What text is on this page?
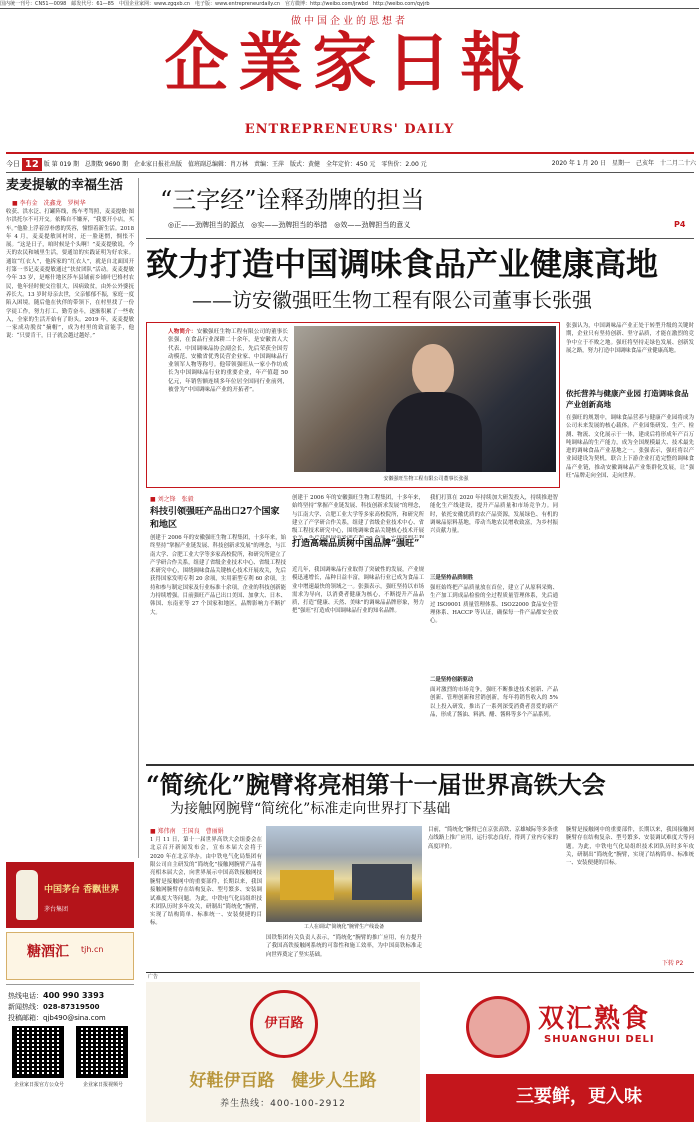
国内统一刊号：CN51—0098　邮发代号：61—85　中国企业家网：www.zgqxb.cn　电子版：www.entrepreneurdaily.cn　官方微博：http://weibo.com/jrwbd　http://weibo.com/qyjrb
做中国企业的思想者
企業家日報
ENTREPRENEURS' DAILY
今日 12 版 第 019 期　总期数 9690 期　企业家日报社出版　值班副总编辑：肖万林　责编：王萍　版式：黄健　全年定价：450 元　零售价：2.00 元	2020 年 1 月 20 日　星期一　己亥年　十二月二十六
麦麦提敏的幸福生活
■ 李有金　冼鑫龙　罗树华
收获、洪水泛、打罐阵线，炼车考驾照，麦麦提敏·图尔洪托尔不可开交。依稀自不嫌弃，“我要开小店，买车。”他脸上浮着淳朴憨的笑容，憧憬着新生活。2018 年 4 月，麦麦提敏回村时，还一脸迷惘，惆怅不展。“这是日子，咱时候是个头啊！”麦麦提敏说，今天的农民和城里生活，要通谊的实践证明为好农家。通谊“红衣人”，他拆家的“红衣人”，就是自北面国开打第一书记麦麦提敏通过“扶贫团队”活动。麦麦提敏今年 33 岁，是喀什地区莎车县铺前乡铺叶巴格村农民，他年轻时便交往很大，因病致贫，由外公外婆抚养长大。13 岁时母亲去世，父亲郁郁不振，家庭一度陷入困境。随后他在伙伴的带领下，在村里找了一份学徒工作，努力打工、勤劳奋斗，逐渐积累了一些收入，全家的生活开始有了盼头。2019 年，麦麦提敏一家成功脱贫“摘帽”，成为村里的致富能手，他说：“只要肯干，日子就会越过越好。”
中国茅台 香飘世界
茅台集团
糖酒汇 tjh.cn
热线电话：400 990 3393
新闻热线：028-87319500
投稿邮箱：qjb490@sina.com
企业家日报官方公众号	企业家日报视频号
“三字经”诠释劲牌的担当
◎正——劲牌担当的源点　◎实——劲牌担当的举措　◎效——劲牌担当的意义	P4
致力打造中国调味食品产业健康高地
——访安徽强旺生物工程有限公司董事长张强
人物简介：安徽强旺生物工程有限公司的董事长张强，在食品行业深耕二十余年，是安徽省人大代表、中国调味品协会副会长，先后荣获全国劳动模范、安徽省优秀民营企业家、中国调味品行业领军人物等称号。他带领强旺从一家小作坊成长为中国调味品行业的重要企业，年产值超 50 亿元，年销售额连续多年位居全国同行业前列，被誉为“中国调味品产业的开拓者”。
安徽强旺生物工程有限公司董事长张强
■ 刘之锋　张毅
科技引领强旺产品出口27个国家和地区
创建于 2006 年的安徽强旺生物工程集团，十多年来，始终坚持“掌握产业链发展、科技创新求发展”的理念，与江南大学、合肥工业大学等多家高校院所，和研究所建立了产学研合作关系，组建了省级企业技术中心、省级工程技术研究中心，围绕调味食品关键核心技术开展攻关，先后获得国家发明专利 20 余项，实用新型专利 60 余项，主持和参与制定国家及行业标准十余项，企业的科技创新能力持续增强。目前强旺产品已出口美国、加拿大、日本、韩国、东南亚等 27 个国家和地区，品牌影响力不断扩大。
创建于 2006 年的安徽强旺生物工程集团，十多年来，始终坚持“掌握产业链发展、科技创新求发展”的理念，与江南大学、合肥工业大学等多家高校院所，和研究所建立了产学研合作关系，组建了省级企业技术中心、省级工程技术研究中心，围绕调味食品关键核心技术开展
打造高端品质树中国品牌“强旺”
近几年，我国调味品行业取得了突破性的发展，产业规模迅速增长，品种日益丰富，调味品行业已成为食品工业中增速最快的领域之一。张强表示，强旺坚持以市场需求为导向，以消费者健康为核心，不断提升产品品质，打造“健康、天然、美味”的调味品品牌形象，努力把“强旺”打造成中国调味品行业的知名品牌。
我们打算在 2020 年持续加大研发投入，持续推进智能化生产线建设，提升产品质量和市场竞争力。同时，依托安徽优质的农产品资源，发展绿色、有机的调味品原料基地，带动当地农民增收致富，为乡村振兴贡献力量。
三是坚持品质制胜
强旺始终把产品质量放在首位，建立了从原料采购、生产加工到成品检验的全过程质量管理体系，先后通过 ISO9001 质量管理体系、ISO22000 食品安全管理体系、HACCP 等认证，确保每一件产品都安全放心。
二是坚持创新驱动
面对激烈的市场竞争，强旺不断推进技术创新、产品创新、管理创新和营销创新，每年将销售收入的 5% 以上投入研发，推出了一系列深受消费者喜爱的新产品，形成了酱油、料酒、醋、酱料等多个产品系列。
张强认为，中国调味品产业正处于转型升级的关键时期，企业只有坚持创新、坚守品质，才能在激烈的竞争中立于不败之地。强旺将坚持走绿色发展、创新发展之路，努力打造中国调味食品产业健康高地。
依托营养与健康产业园 打造调味食品产业创新高地
在强旺的规划中，调味食品营养与健康产业园将成为公司未来发展的核心载体。产业园集研发、生产、检测、物流、文化展示于一体，建成后将形成年产百万吨调味品的生产能力，成为全国规模最大、技术最先进的调味食品产业基地之一。张强表示，强旺将以产业园建设为契机，联合上下游企业打造完整的调味食品产业链，推动安徽调味品产业集群化发展，让“强旺”品牌走向全国、走向世界。
“简统化”腕臂将亮相第十一届世界高铁大会
为接触网腕臂“简统化”标准走向世界打下基础
■ 郑伟南　王国良　曹丽娟
1 月 11 日，第十一届世界高铁大会组委会在北京召开新闻发布会，宣布本届大会将于 2020 年在北京举办。由中铁电气化局集团有限公司自主研发的“简统化”接触网腕臂产品将亮相本届大会，向世界展示中国高铁接触网技
腕臂是接触网中的重要部件，长期以来，我国接触网腕臂存在结构复杂、型号繁多、安装调试难度大等问题。为此，中铁电气化局组织技术团队历时多年攻关，研制出“简统化”腕臂，实现了结构简单、标准统一、安装便捷的目标。
工人在调试“简统化”腕臂生产线设备
国铁集团有关负责人表示，“简统化”腕臂的推广应用，有力提升了我国高铁接触网系统的可靠性和施工效率，为中国高铁标准走向世界奠定了坚实基础。
目前，“简统化”腕臂已在京张高铁、京雄城际等多条重点线路上推广应用，运行状态良好，得到了业内专家的高度评价。
腕臂是接触网中的重要部件，长期以来，我国接触网腕臂存在结构复杂、型号繁多、安装调试难度大等问题。为此，中铁电气化局组织技术团队历时多年攻关，研制出“简统化”腕臂，实现了结构简单、标准统一、安装便捷的目标。
下转 P2
广告
伊百路
好鞋伊百路　健步人生路
养生热线：400-100-2912
双汇熟食
SHUANGHUI DELI
三要鲜，更入味
